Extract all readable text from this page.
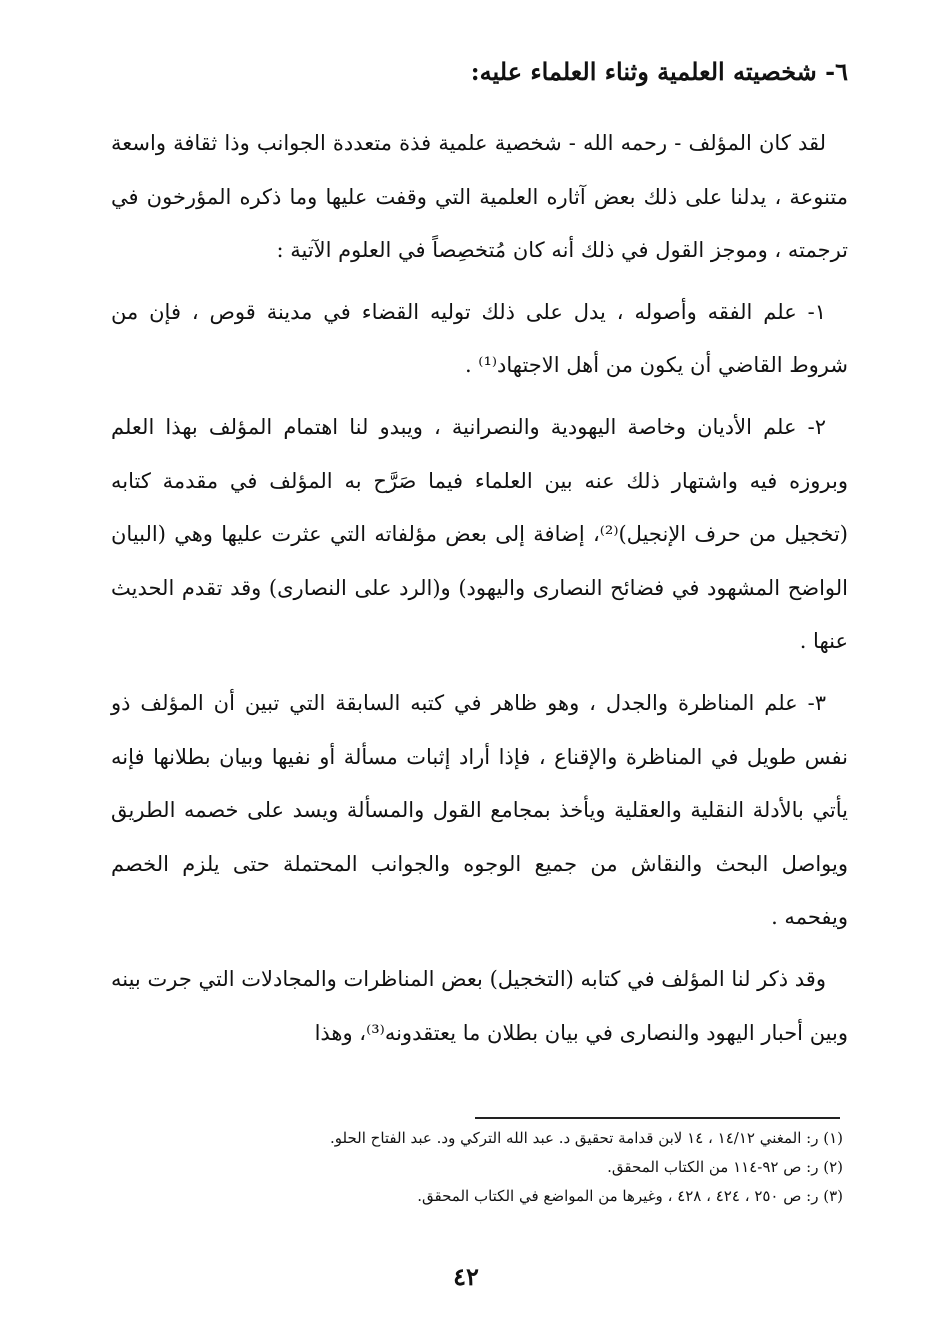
٦- شخصيته العلمية وثناء العلماء عليه:

لقد كان المؤلف - رحمه الله - شخصية علمية فذة متعددة الجوانب وذا ثقافة واسعة متنوعة ، يدلنا على ذلك بعض آثاره العلمية التي وقفت عليها وما ذكره المؤرخون في ترجمته ، وموجز القول في ذلك أنه كان مُتخصِصاً في العلوم الآتية :

١- علم الفقه وأصوله ، يدل على ذلك توليه القضاء في مدينة قوص ، فإن من شروط القاضي أن يكون من أهل الاجتهاد⁽¹⁾ .

٢- علم الأديان وخاصة اليهودية والنصرانية ، ويبدو لنا اهتمام المؤلف بهذا العلم وبروزه فيه واشتهار ذلك عنه بين العلماء فيما صَرَّح به المؤلف في مقدمة كتابه (تخجيل من حرف الإنجيل)⁽²⁾، إضافة إلى بعض مؤلفاته التي عثرت عليها وهي (البيان الواضح المشهود في فضائح النصارى واليهود) و(الرد على النصارى) وقد تقدم الحديث عنها .

٣- علم المناظرة والجدل ، وهو ظاهر في كتبه السابقة التي تبين أن المؤلف ذو نفس طويل في المناظرة والإقناع ، فإذا أراد إثبات مسألة أو نفيها وبيان بطلانها فإنه يأتي بالأدلة النقلية والعقلية ويأخذ بمجامع القول والمسألة ويسد على خصمه الطريق ويواصل البحث والنقاش من جميع الوجوه والجوانب المحتملة حتى يلزم الخصم ويفحمه .

وقد ذكر لنا المؤلف في كتابه (التخجيل) بعض المناظرات والمجادلات التي جرت بينه وبين أحبار اليهود والنصارى في بيان بطلان ما يعتقدونه⁽³⁾، وهذا

(١) ر: المغني ١٤/١٢ ، ١٤ لابن قدامة تحقيق د. عبد الله التركي ود. عبد الفتاح الحلو.
(٢) ر: ص ٩٢-١١٤ من الكتاب المحقق.
(٣) ر: ص ٢٥٠ ، ٤٢٤ ، ٤٢٨ ، وغيرها من المواضع في الكتاب المحقق.
٤٢
